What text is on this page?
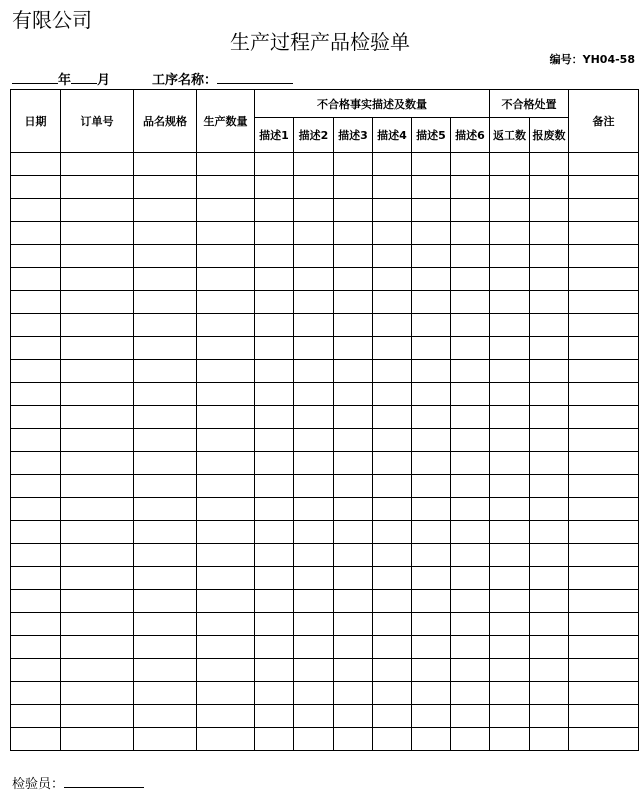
有限公司
生产过程产品检验单
编号：YH04-58
年 月	工序名称：
日期	订单号	品名规格	生产数量	不合格事实描述及数量						不合格处置		备注
				描述1	描述2	描述3	描述4	描述5	描述6	返工数	报废数	

检验员：
